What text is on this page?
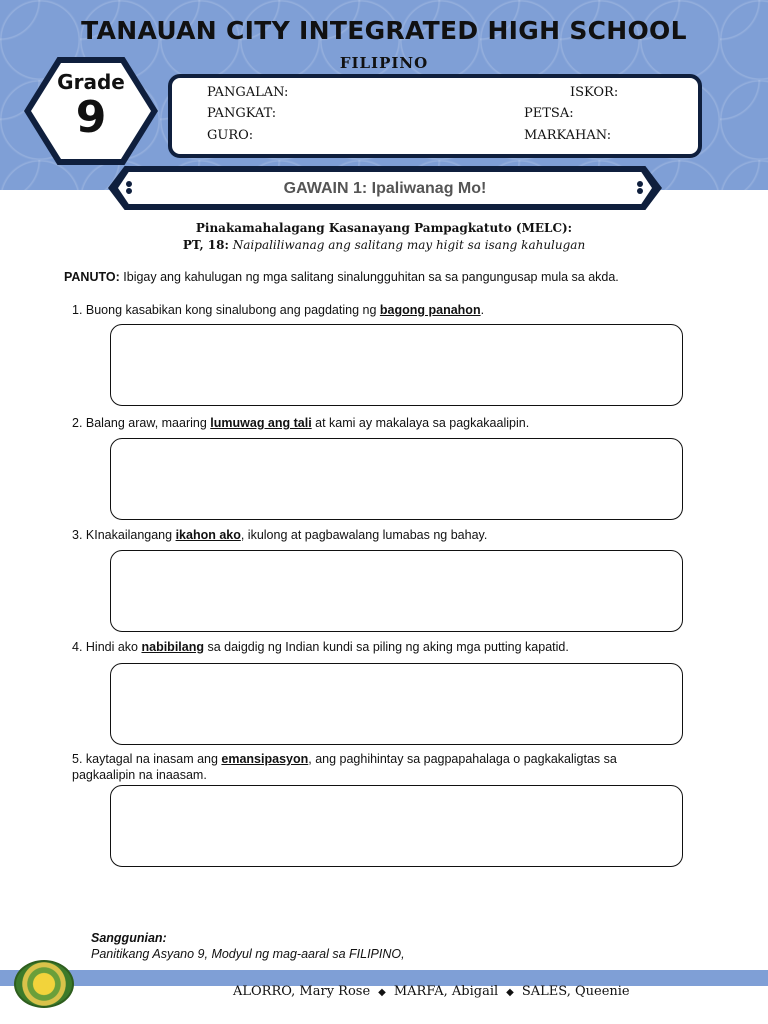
TANAUAN CITY INTEGRATED HIGH SCHOOL
FILIPINO
Grade
9	PANGALAN:	ISKOR:
PANGKAT:	PETSA:
GURO:	MARKAHAN:
GAWAIN 1: Ipaliwanag Mo!
Pinakamahalagang Kasanayang Pampagkatuto (MELC):
PT, 18: Naipaliliwanag ang salitang may higit sa isang kahulugan
PANUTO: Ibigay ang kahulugan ng mga salitang sinalungguhitan sa sa pangungusap mula sa akda.
1. Buong kasabikan kong sinalubong ang pagdating ng bagong panahon.
2. Balang araw, maaring lumuwag ang tali at kami ay makalaya sa pagkakaalipin.
3. KInakailangang ikahon ako, ikulong at pagbawalang lumabas ng bahay.
4. Hindi ako nabibilang sa daigdig ng Indian kundi sa piling ng aking mga putting kapatid.
5. kaytagal na inasam ang emansipasyon, ang paghihintay sa pagpapahalaga o pagkakaligtas sa pagkaalipin na inaasam.
Sanggunian:
Panitikang Asyano 9, Modyul ng mag-aaral sa FILIPINO,
ALORRO, Mary Rose ◆ MARFA, Abigail ◆ SALES, Queenie
